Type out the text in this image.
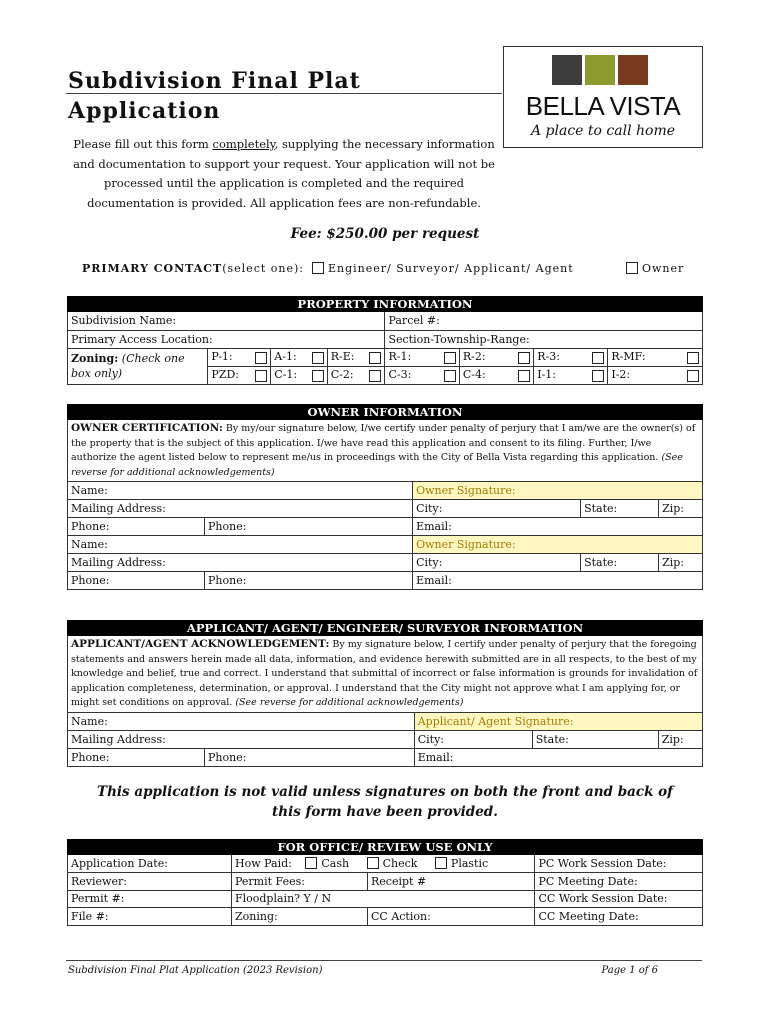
Subdivision Final Plat
Application
Please fill out this form completely, supplying the necessary information and documentation to support your request. Your application will not be processed until the application is completed and the required documentation is provided. All application fees are non-refundable.
BELLA VISTA
A place to call home
Fee: $250.00 per request
PRIMARY CONTACT(select one):	Engineer/ Surveyor/ Applicant/ Agent	Owner
PROPERTY INFORMATION
Subdivision Name:				Parcel #:			
Primary Access Location:				Section-Township-Range:			
Zoning: (Check one box only)	P-1:	A-1:	R-E:	R-1:	R-2:	R-3:	R-MF:

	PZD:	C-1:	C-2:	C-3:	C-4:	I-1:	I-2:
OWNER INFORMATION
OWNER CERTIFICATION: By my/our signature below, I/we certify under penalty of perjury that I am/we are the owner(s) of the property that is the subject of this application. I/we have read this application and consent to its filing. Further, I/we authorize the agent listed below to represent me/us in proceedings with the City of Bella Vista regarding this application. (See reverse for additional acknowledgements)
Name:		Owner Signature:		
Mailing Address:		City:	State:	Zip:
Phone:	Phone:	Email:		
Name:		Owner Signature:		
Mailing Address:		City:	State:	Zip:
Phone:	Phone:	Email:		
APPLICANT/ AGENT/ ENGINEER/ SURVEYOR INFORMATION
APPLICANT/AGENT ACKNOWLEDGEMENT: By my signature below, I certify under penalty of perjury that the foregoing statements and answers herein made all data, information, and evidence herewith submitted are in all respects, to the best of my knowledge and belief, true and correct. I understand that submittal of incorrect or false information is grounds for invalidation of application completeness, determination, or approval. I understand that the City might not approve what I am applying for, or might set conditions on approval. (See reverse for additional acknowledgements)
Name:		Applicant/ Agent Signature:		
Mailing Address:		City:	State:	Zip:
Phone:	Phone:	Email:		
This application is not valid unless signatures on both the front and back of this form have been provided.
FOR OFFICE/ REVIEW USE ONLY
Application Date:	How Paid: Cash Check Plastic		PC Work Session Date:
Reviewer:	Permit Fees:	Receipt #	PC Meeting Date:
Permit #:	Floodplain? Y / N		CC Work Session Date:
File #:	Zoning:	CC Action:	CC Meeting Date:
Subdivision Final Plat Application (2023 Revision)	Page 1 of 6
